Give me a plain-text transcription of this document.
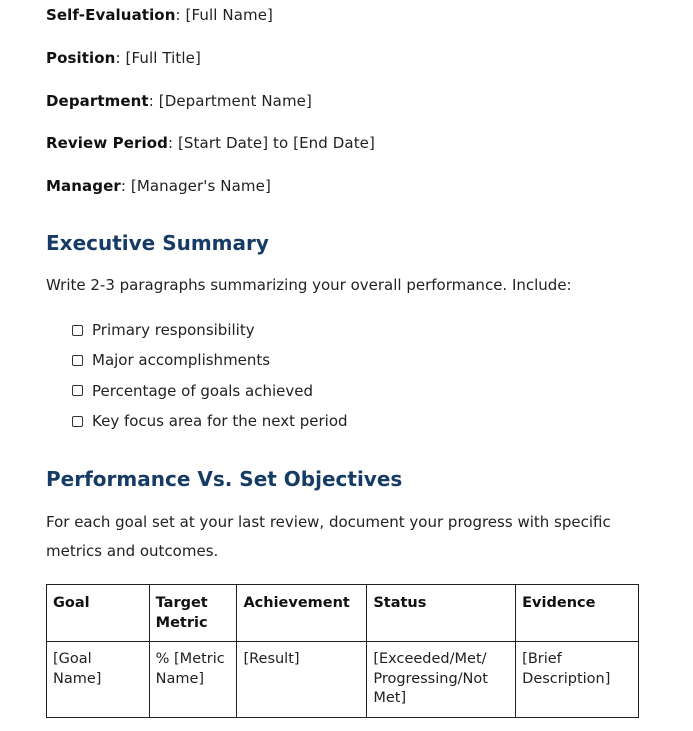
Self-Evaluation: [Full Name]
Position: [Full Title]
Department: [Department Name]
Review Period: [Start Date] to [End Date]
Manager: [Manager's Name]
Executive Summary
Write 2-3 paragraphs summarizing your overall performance. Include:
Primary responsibility
Major accomplishments
Percentage of goals achieved
Key focus area for the next period
Performance Vs. Set Objectives
For each goal set at your last review, document your progress with specific metrics and outcomes.
Goal	Target Metric	Achievement	Status	Evidence
[Goal Name]	% [Metric Name]	[Result]	[Exceeded/Met/ Progressing/Not Met]	[Brief Description]
